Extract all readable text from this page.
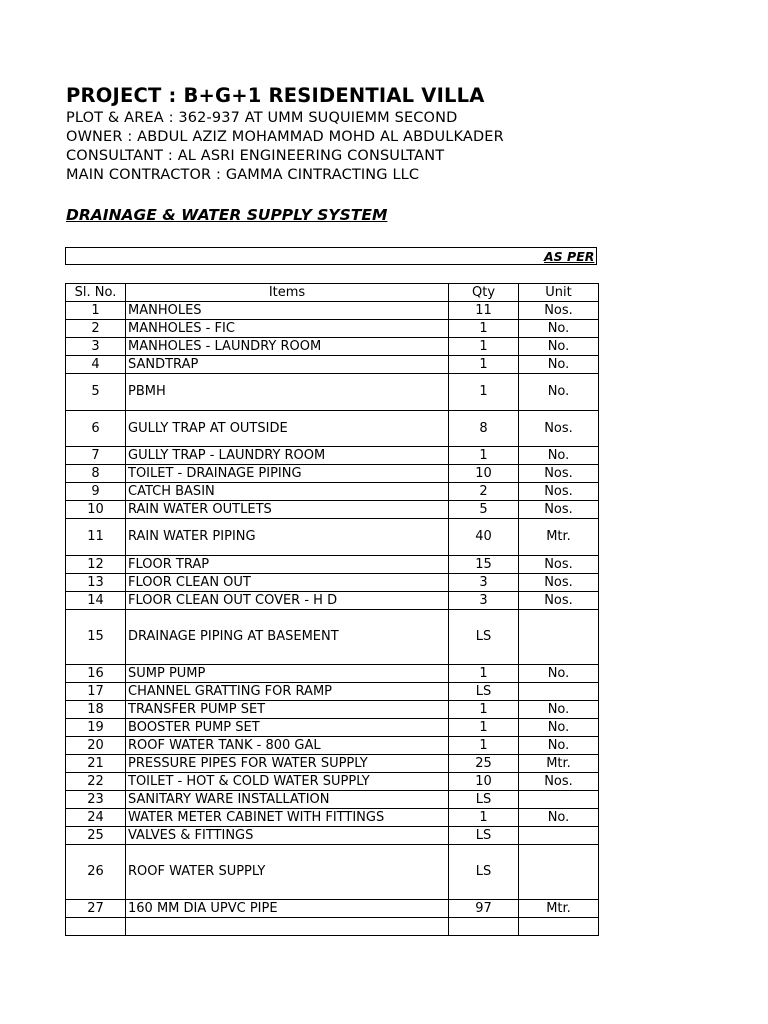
PROJECT : B+G+1 RESIDENTIAL VILLA
PLOT & AREA : 362-937 AT UMM SUQUIEMM SECOND
OWNER : ABDUL AZIZ MOHAMMAD MOHD AL ABDULKADER
CONSULTANT : AL ASRI ENGINEERING CONSULTANT
MAIN CONTRACTOR : GAMMA CINTRACTING LLC
DRAINAGE & WATER SUPPLY SYSTEM
AS PER
Sl. No.	Items	Qty	Unit
1	MANHOLES	11	Nos.
2	MANHOLES - FIC	1	No.
3	MANHOLES - LAUNDRY ROOM	1	No.
4	SANDTRAP	1	No.
5	PBMH	1	No.
6	GULLY TRAP AT OUTSIDE	8	Nos.
7	GULLY TRAP - LAUNDRY ROOM	1	No.
8	TOILET - DRAINAGE PIPING	10	Nos.
9	CATCH BASIN	2	Nos.
10	RAIN WATER OUTLETS	5	Nos.
11	RAIN WATER PIPING	40	Mtr.
12	FLOOR TRAP	15	Nos.
13	FLOOR CLEAN OUT	3	Nos.
14	FLOOR CLEAN OUT COVER - H D	3	Nos.
15	DRAINAGE PIPING AT BASEMENT	LS	
16	SUMP PUMP	1	No.
17	CHANNEL GRATTING FOR RAMP	LS	
18	TRANSFER PUMP SET	1	No.
19	BOOSTER PUMP SET	1	No.
20	ROOF WATER TANK - 800 GAL	1	No.
21	PRESSURE PIPES FOR WATER SUPPLY	25	Mtr.
22	TOILET - HOT & COLD WATER SUPPLY	10	Nos.
23	SANITARY WARE INSTALLATION	LS	
24	WATER METER CABINET WITH FITTINGS	1	No.
25	VALVES & FITTINGS	LS	
26	ROOF WATER SUPPLY	LS	
27	160 MM DIA UPVC PIPE	97	Mtr.
